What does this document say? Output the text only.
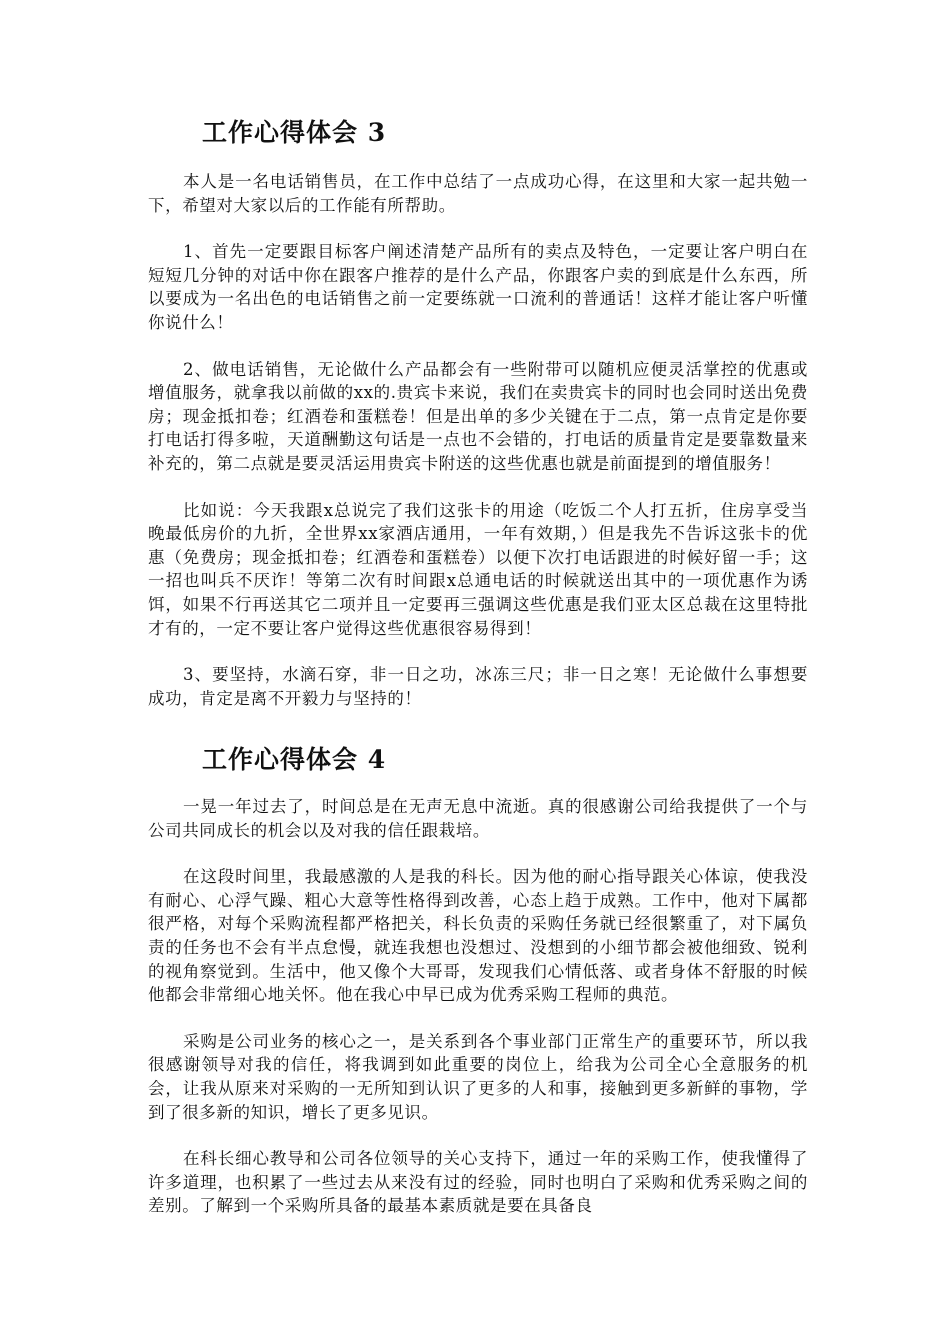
工作心得体会 3

本人是一名电话销售员，在工作中总结了一点成功心得，在这里和大家一起共勉一下，希望对大家以后的工作能有所帮助。

1、首先一定要跟目标客户阐述清楚产品所有的卖点及特色，一定要让客户明白在短短几分钟的对话中你在跟客户推荐的是什么产品，你跟客户卖的到底是什么东西，所以要成为一名出色的电话销售之前一定要练就一口流利的普通话！这样才能让客户听懂你说什么！

2、做电话销售，无论做什么产品都会有一些附带可以随机应便灵活掌控的优惠或增值服务，就拿我以前做的xx的.贵宾卡来说，我们在卖贵宾卡的同时也会同时送出免费房；现金抵扣卷；红酒卷和蛋糕卷！但是出单的多少关键在于二点，第一点肯定是你要打电话打得多啦，天道酬勤这句话是一点也不会错的，打电话的质量肯定是要靠数量来补充的，第二点就是要灵活运用贵宾卡附送的这些优惠也就是前面提到的增值服务！

比如说：今天我跟x总说完了我们这张卡的用途（吃饭二个人打五折，住房享受当晚最低房价的九折，全世界xx家酒店通用，一年有效期，）但是我先不告诉这张卡的优惠（免费房；现金抵扣卷；红酒卷和蛋糕卷）以便下次打电话跟进的时候好留一手；这一招也叫兵不厌诈！等第二次有时间跟x总通电话的时候就送出其中的一项优惠作为诱饵，如果不行再送其它二项并且一定要再三强调这些优惠是我们亚太区总裁在这里特批才有的，一定不要让客户觉得这些优惠很容易得到！

3、要坚持，水滴石穿，非一日之功，冰冻三尺；非一日之寒！无论做什么事想要成功，肯定是离不开毅力与坚持的！

工作心得体会 4

一晃一年过去了，时间总是在无声无息中流逝。真的很感谢公司给我提供了一个与公司共同成长的机会以及对我的信任跟栽培。

在这段时间里，我最感激的人是我的科长。因为他的耐心指导跟关心体谅，使我没有耐心、心浮气躁、粗心大意等性格得到改善，心态上趋于成熟。工作中，他对下属都很严格，对每个采购流程都严格把关，科长负责的采购任务就已经很繁重了，对下属负责的任务也不会有半点怠慢，就连我想也没想过、没想到的小细节都会被他细致、锐利的视角察觉到。生活中，他又像个大哥哥，发现我们心情低落、或者身体不舒服的时候他都会非常细心地关怀。他在我心中早已成为优秀采购工程师的典范。

采购是公司业务的核心之一，是关系到各个事业部门正常生产的重要环节，所以我很感谢领导对我的信任，将我调到如此重要的岗位上，给我为公司全心全意服务的机会，让我从原来对采购的一无所知到认识了更多的人和事，接触到更多新鲜的事物，学到了很多新的知识，增长了更多见识。

在科长细心教导和公司各位领导的关心支持下，通过一年的采购工作，使我懂得了许多道理，也积累了一些过去从来没有过的经验，同时也明白了采购和优秀采购之间的差别。了解到一个采购所具备的最基本素质就是要在具备良
